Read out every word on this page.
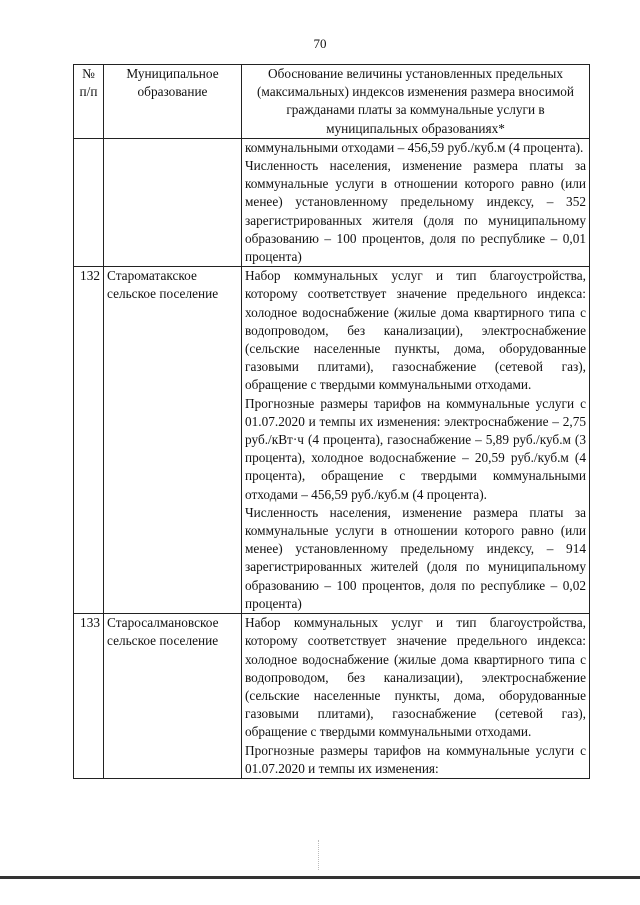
70
№ п/п	Муниципальное образование	Обоснование величины установленных предельных (максимальных) индексов изменения размера вносимой гражданами платы за коммунальные услуги в муниципальных образованиях*

		коммунальными отходами – 456,59 руб./куб.м (4 процента).

Численность населения, изменение размера платы за коммунальные услуги в отношении которого равно (или менее) установленному предельному индексу, – 352 зарегистрированных жителя (доля по муниципальному образованию – 100 процентов, доля по республике – 0,01 процента)

132	Староматакское сельское поселение	Набор коммунальных услуг и тип благоустройства, которому соответствует значение предельного индекса: холодное водоснабжение (жилые дома квартирного типа с водопроводом, без канализации), электроснабжение (сельские населенные пункты, дома, оборудованные газовыми плитами), газоснабжение (сетевой газ), обращение с твердыми коммунальными отходами.

Прогнозные размеры тарифов на коммунальные услуги с 01.07.2020 и темпы их изменения: электроснабжение – 2,75 руб./кВт·ч (4 процента), газоснабжение – 5,89 руб./куб.м (3 процента), холодное водоснабжение – 20,59 руб./куб.м (4 процента), обращение с твердыми коммунальными отходами – 456,59 руб./куб.м (4 процента).

Численность населения, изменение размера платы за коммунальные услуги в отношении которого равно (или менее) установленному предельному индексу, – 914 зарегистрированных жителей (доля по муниципальному образованию – 100 процентов, доля по республике – 0,02 процента)

133	Старосалмановское сельское поселение	Набор коммунальных услуг и тип благоустройства, которому соответствует значение предельного индекса: холодное водоснабжение (жилые дома квартирного типа с водопроводом, без канализации), электроснабжение (сельские населенные пункты, дома, оборудованные газовыми плитами), газоснабжение (сетевой газ), обращение с твердыми коммунальными отходами.

Прогнозные размеры тарифов на коммунальные услуги с 01.07.2020 и темпы их изменения:
